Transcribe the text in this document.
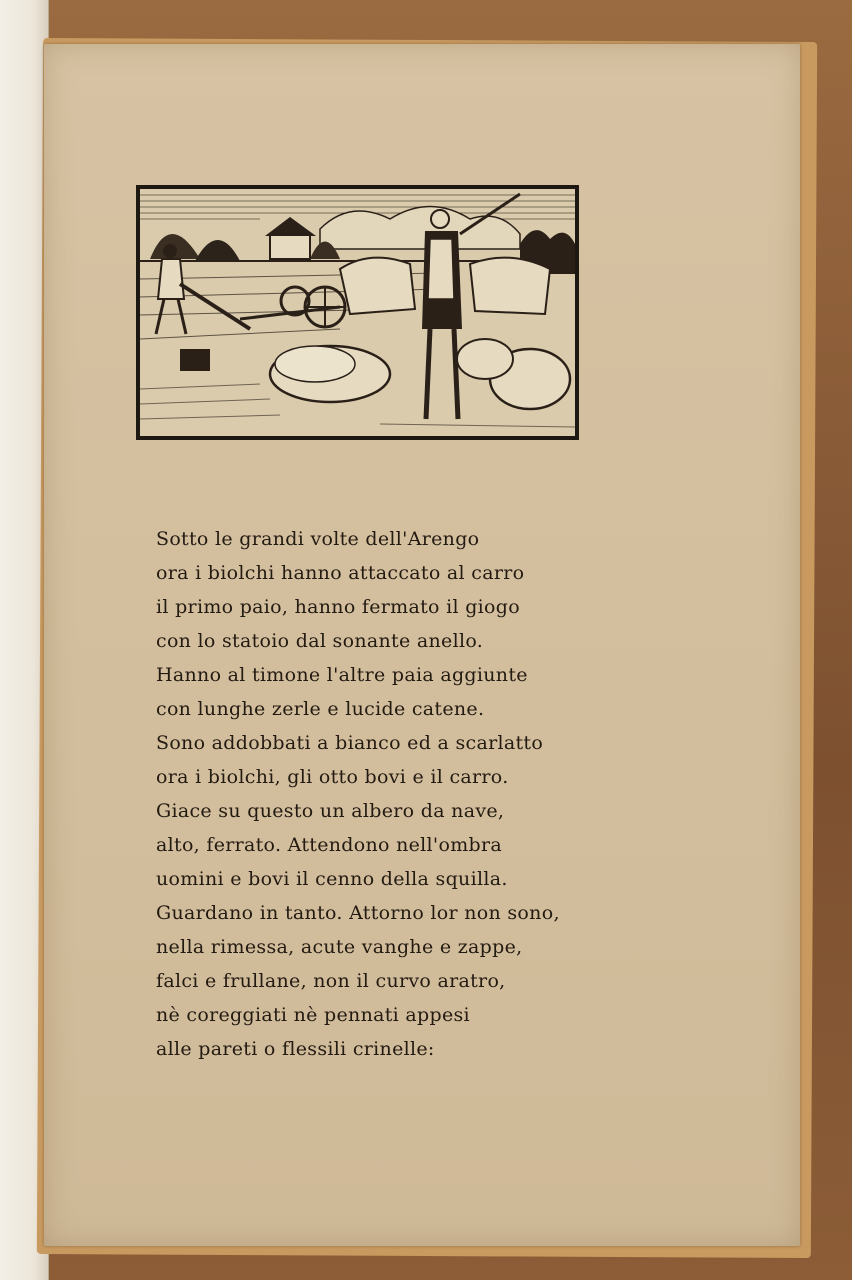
Sotto le grandi volte dell'Arengo
ora i biolchi hanno attaccato al carro
il primo paio, hanno fermato il giogo
con lo statoio dal sonante anello.
Hanno al timone l'altre paia aggiunte
con lunghe zerle e lucide catene.
Sono addobbati a bianco ed a scarlatto
ora i biolchi, gli otto bovi e il carro.
Giace su questo un albero da nave,
alto, ferrato. Attendono nell'ombra
uomini e bovi il cenno della squilla.
Guardano in tanto. Attorno lor non sono,
nella rimessa, acute vanghe e zappe,
falci e frullane, non il curvo aratro,
nè coreggiati nè pennati appesi
alle pareti o flessili crinelle:
